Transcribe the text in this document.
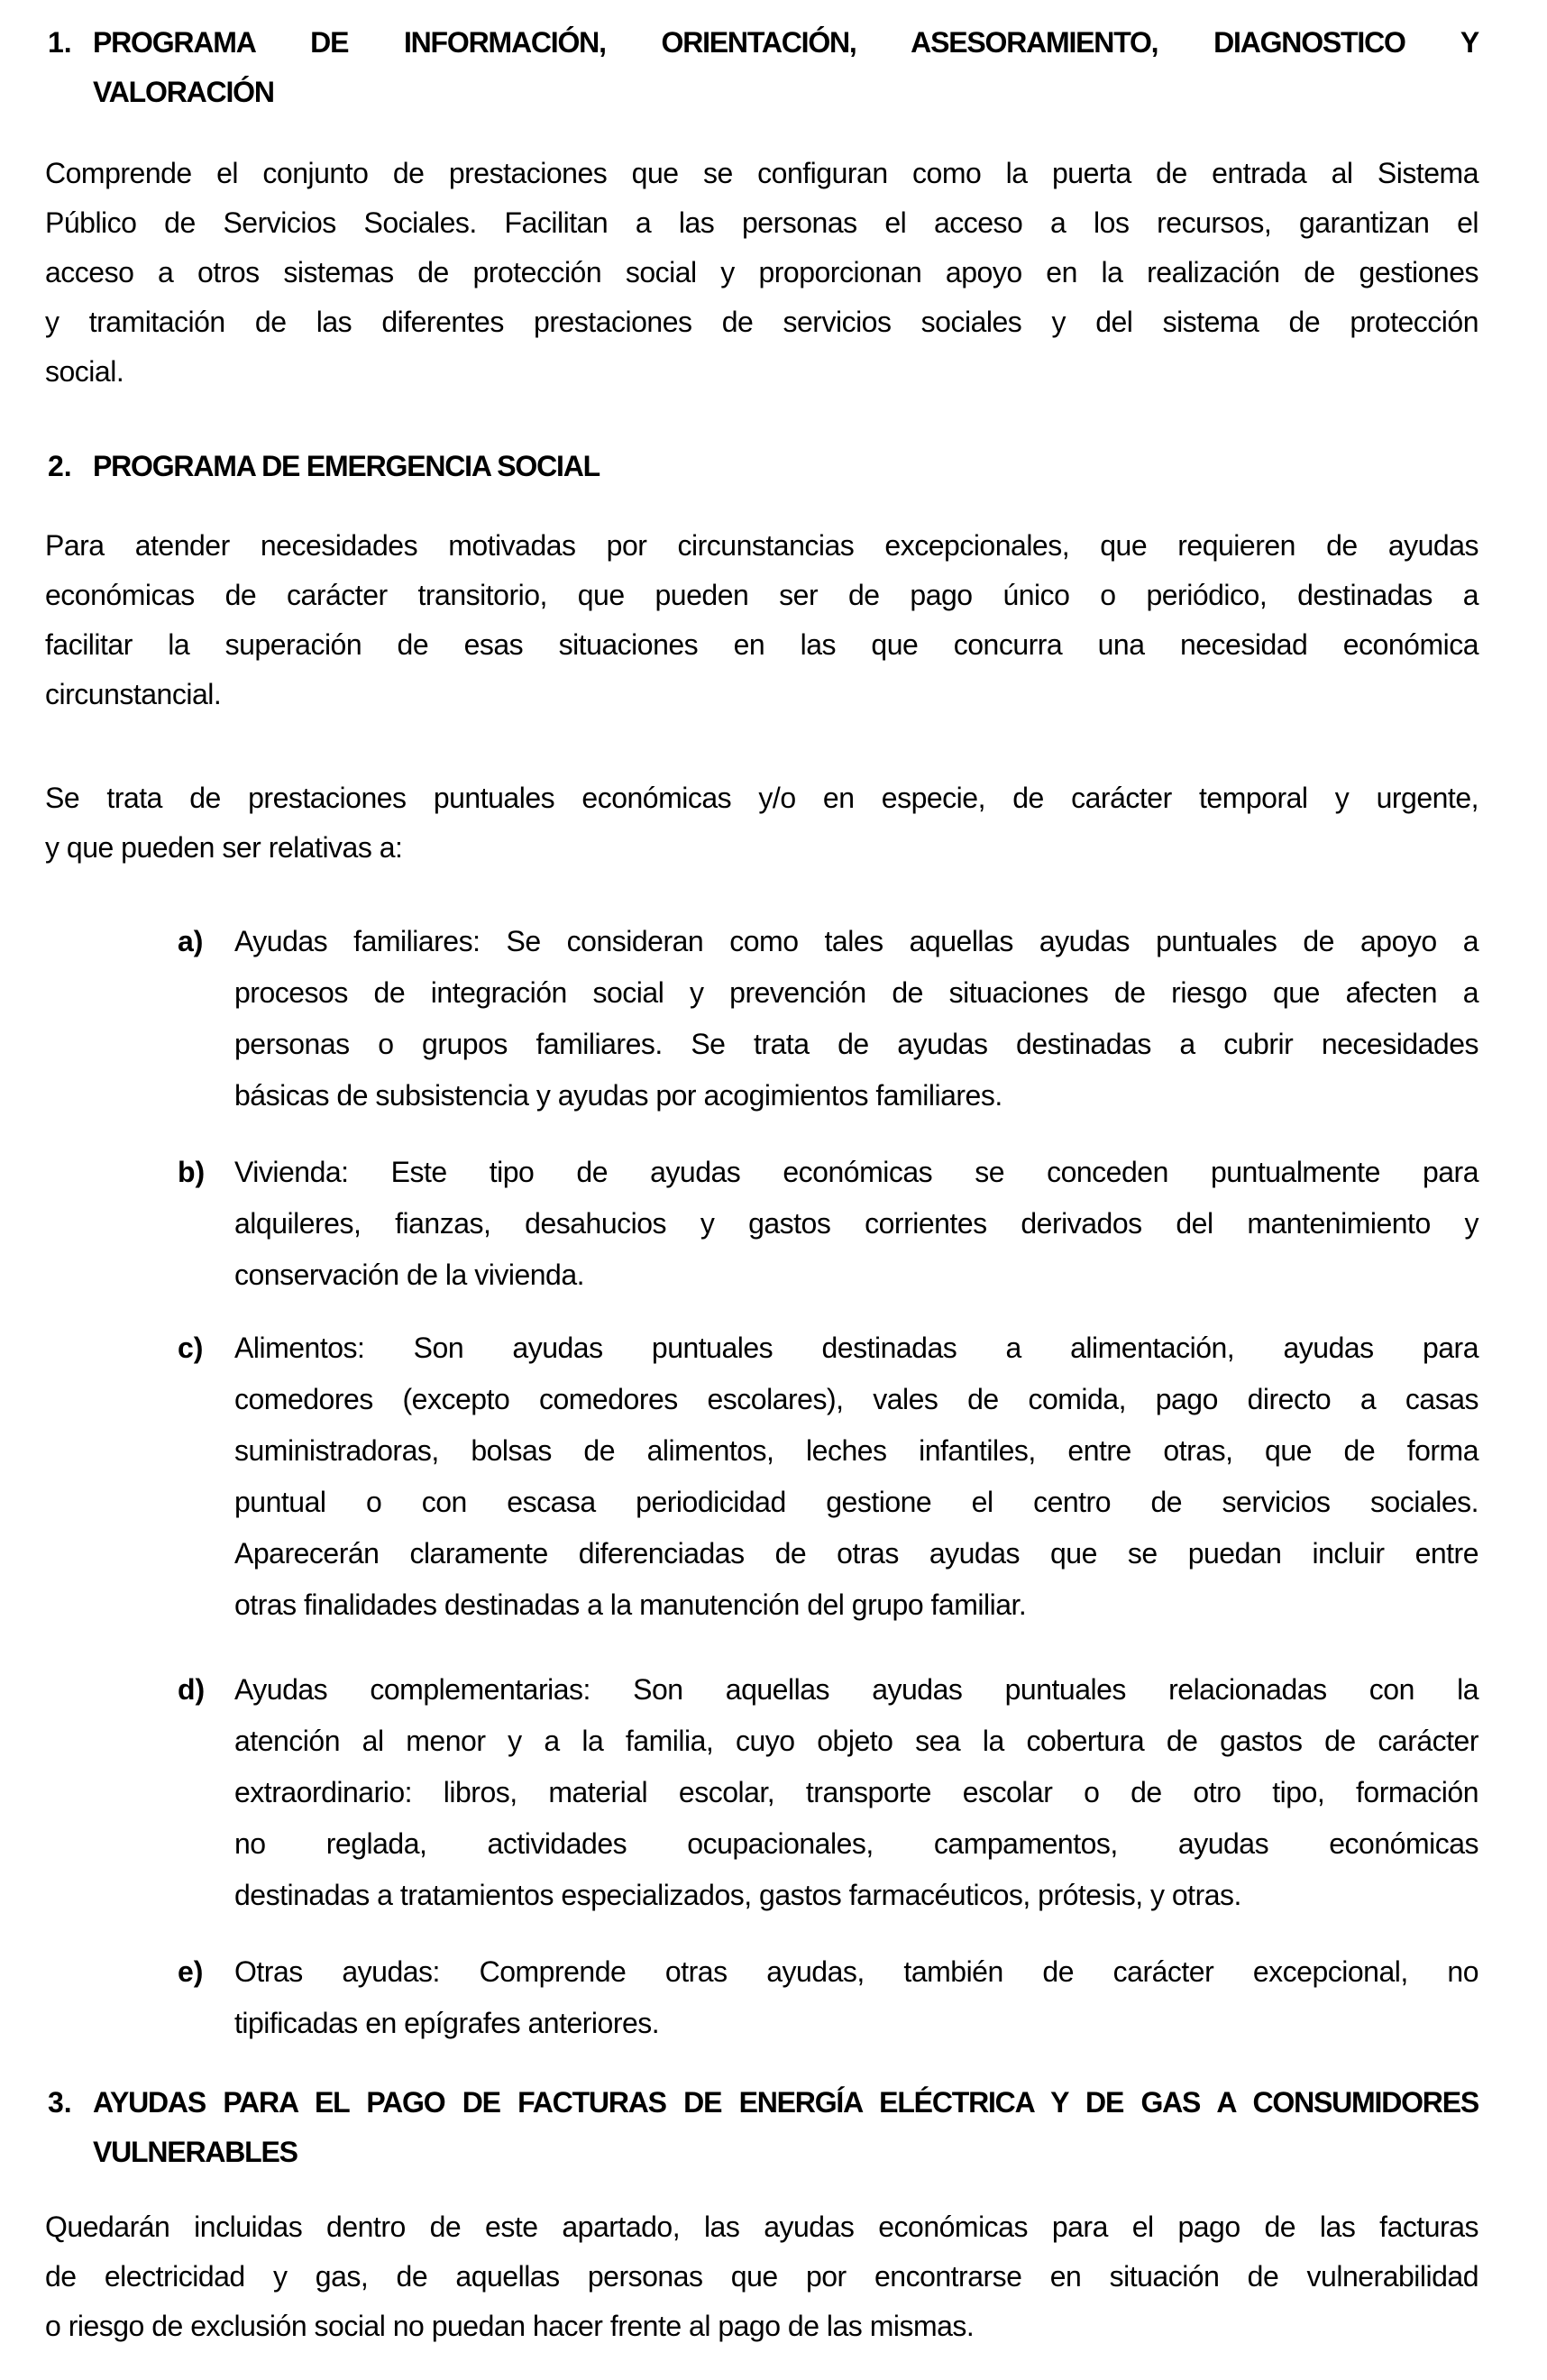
1. PROGRAMA DE INFORMACIÓN, ORIENTACIÓN, ASESORAMIENTO, DIAGNOSTICO Y
VALORACIÓN
Comprende el conjunto de prestaciones que se configuran como la puerta de entrada al Sistema
Público de Servicios Sociales. Facilitan a las personas el acceso a los recursos, garantizan el
acceso a otros sistemas de protección social y proporcionan apoyo en la realización de gestiones
y tramitación de las diferentes prestaciones de servicios sociales y del sistema de protección
social.
2. PROGRAMA DE EMERGENCIA SOCIAL
Para atender necesidades motivadas por circunstancias excepcionales, que requieren de ayudas
económicas de carácter transitorio, que pueden ser de pago único o periódico, destinadas a
facilitar la superación de esas situaciones en las que concurra una necesidad económica
circunstancial.
Se trata de prestaciones puntuales económicas y/o en especie, de carácter temporal y urgente,
y que pueden ser relativas a:
a) Ayudas familiares: Se consideran como tales aquellas ayudas puntuales de apoyo a
procesos de integración social y prevención de situaciones de riesgo que afecten a
personas o grupos familiares. Se trata de ayudas destinadas a cubrir necesidades
básicas de subsistencia y ayudas por acogimientos familiares.
b) Vivienda: Este tipo de ayudas económicas se conceden puntualmente para
alquileres, fianzas, desahucios y gastos corrientes derivados del mantenimiento y
conservación de la vivienda.
c) Alimentos: Son ayudas puntuales destinadas a alimentación, ayudas para
comedores (excepto comedores escolares), vales de comida, pago directo a casas
suministradoras, bolsas de alimentos, leches infantiles, entre otras, que de forma
puntual o con escasa periodicidad gestione el centro de servicios sociales.
Aparecerán claramente diferenciadas de otras ayudas que se puedan incluir entre
otras finalidades destinadas a la manutención del grupo familiar.
d) Ayudas complementarias: Son aquellas ayudas puntuales relacionadas con la
atención al menor y a la familia, cuyo objeto sea la cobertura de gastos de carácter
extraordinario: libros, material escolar, transporte escolar o de otro tipo, formación
no reglada, actividades ocupacionales, campamentos, ayudas económicas
destinadas a tratamientos especializados, gastos farmacéuticos, prótesis, y otras.
e) Otras ayudas: Comprende otras ayudas, también de carácter excepcional, no
tipificadas en epígrafes anteriores.
3. AYUDAS PARA EL PAGO DE FACTURAS DE ENERGÍA ELÉCTRICA Y DE GAS A CONSUMIDORES
VULNERABLES
Quedarán incluidas dentro de este apartado, las ayudas económicas para el pago de las facturas
de electricidad y gas, de aquellas personas que por encontrarse en situación de vulnerabilidad
o riesgo de exclusión social no puedan hacer frente al pago de las mismas.
